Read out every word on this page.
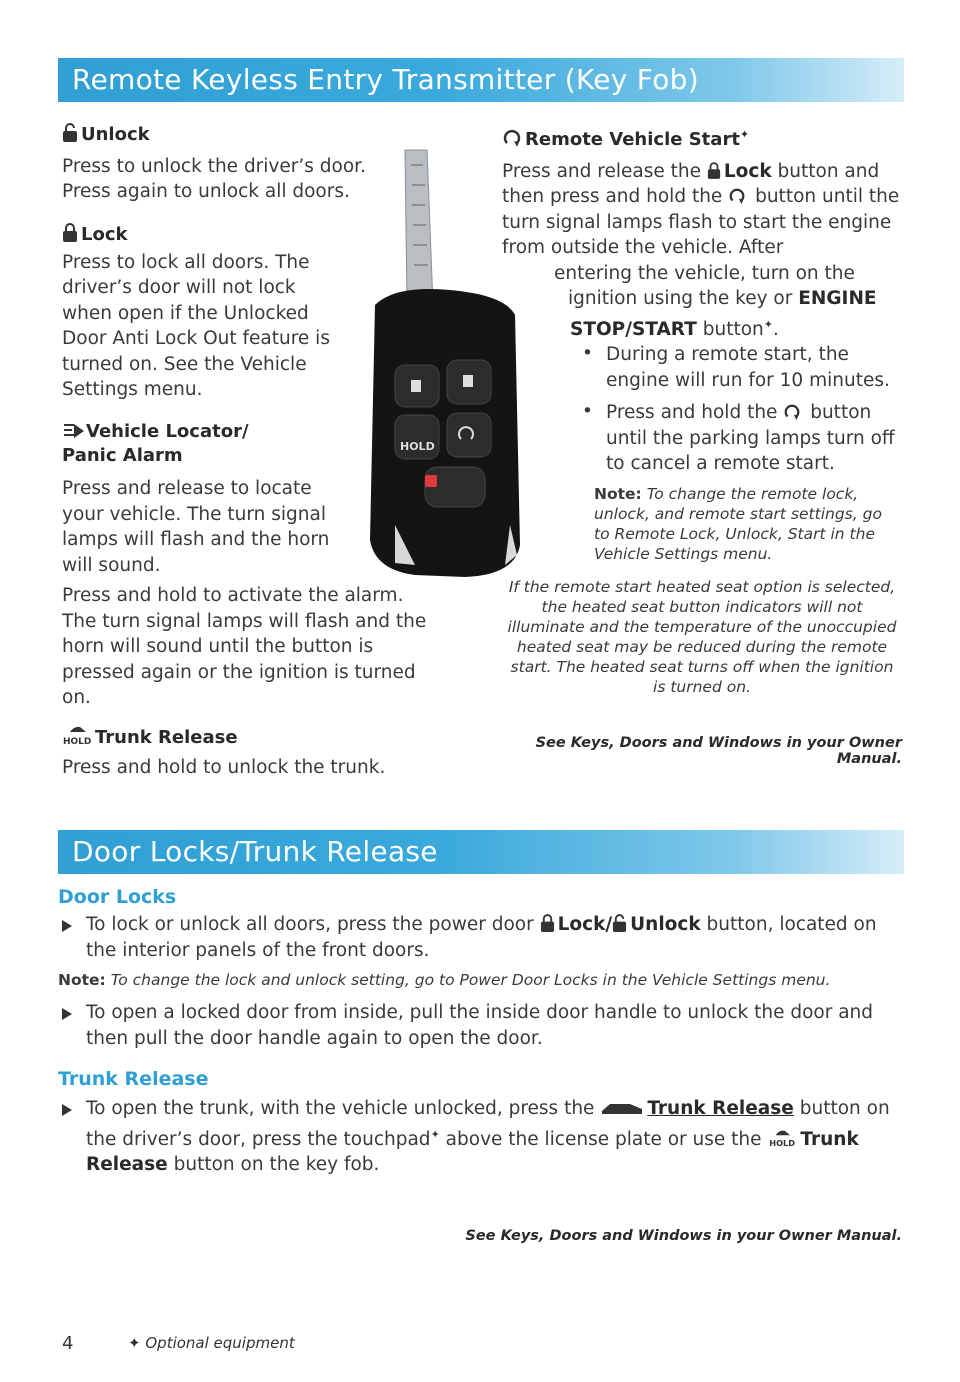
Remote Keyless Entry Transmitter (Key Fob)
Unlock
Press to unlock the driver’s door. Press again to unlock all doors.
Lock
Press to lock all doors. The driver’s door will not lock when open if the Unlocked Door Anti Lock Out feature is turned on. See the Vehicle Settings menu.
Vehicle Locator/
Panic Alarm
Press and release to locate your vehicle. The turn signal lamps will flash and the horn will sound.
Press and hold to activate the alarm. The turn signal lamps will flash and the horn will sound until the button is pressed again or the ignition is turned on.
HOLD Trunk Release
Press and hold to unlock the trunk.
HOLD
Remote Vehicle Start✦
Press and release the Lock button and then press and hold the button until the turn signal lamps flash to start the engine from outside the vehicle. After
entering the vehicle, turn on the
ignition using the key or ENGINE
STOP/START button✦.
• During a remote start, the engine will run for 10 minutes.
• Press and hold the button until the parking lamps turn off to cancel a remote start.
Note: To change the remote lock, unlock, and remote start settings, go to Remote Lock, Unlock, Start in the Vehicle Settings menu.
If the remote start heated seat option is selected, the heated seat button indicators will not illuminate and the temperature of the unoccupied heated seat may be reduced during the remote start. The heated seat turns off when the ignition is turned on.
See Keys, Doors and Windows in your Owner Manual.
Door Locks/Trunk Release
Door Locks
To lock or unlock all doors, press the power door Lock/ Unlock button, located on the interior panels of the front doors.
Note: To change the lock and unlock setting, go to Power Door Locks in the Vehicle Settings menu.
To open a locked door from inside, pull the inside door handle to unlock the door and then pull the door handle again to open the door.
Trunk Release
To open the trunk, with the vehicle unlocked, press the	Trunk Release button on the driver’s door, press the touchpad✦ above the license plate or use the HOLD Trunk Release button on the key fob.
See Keys, Doors and Windows in your Owner Manual.
4	✦ Optional equipment
